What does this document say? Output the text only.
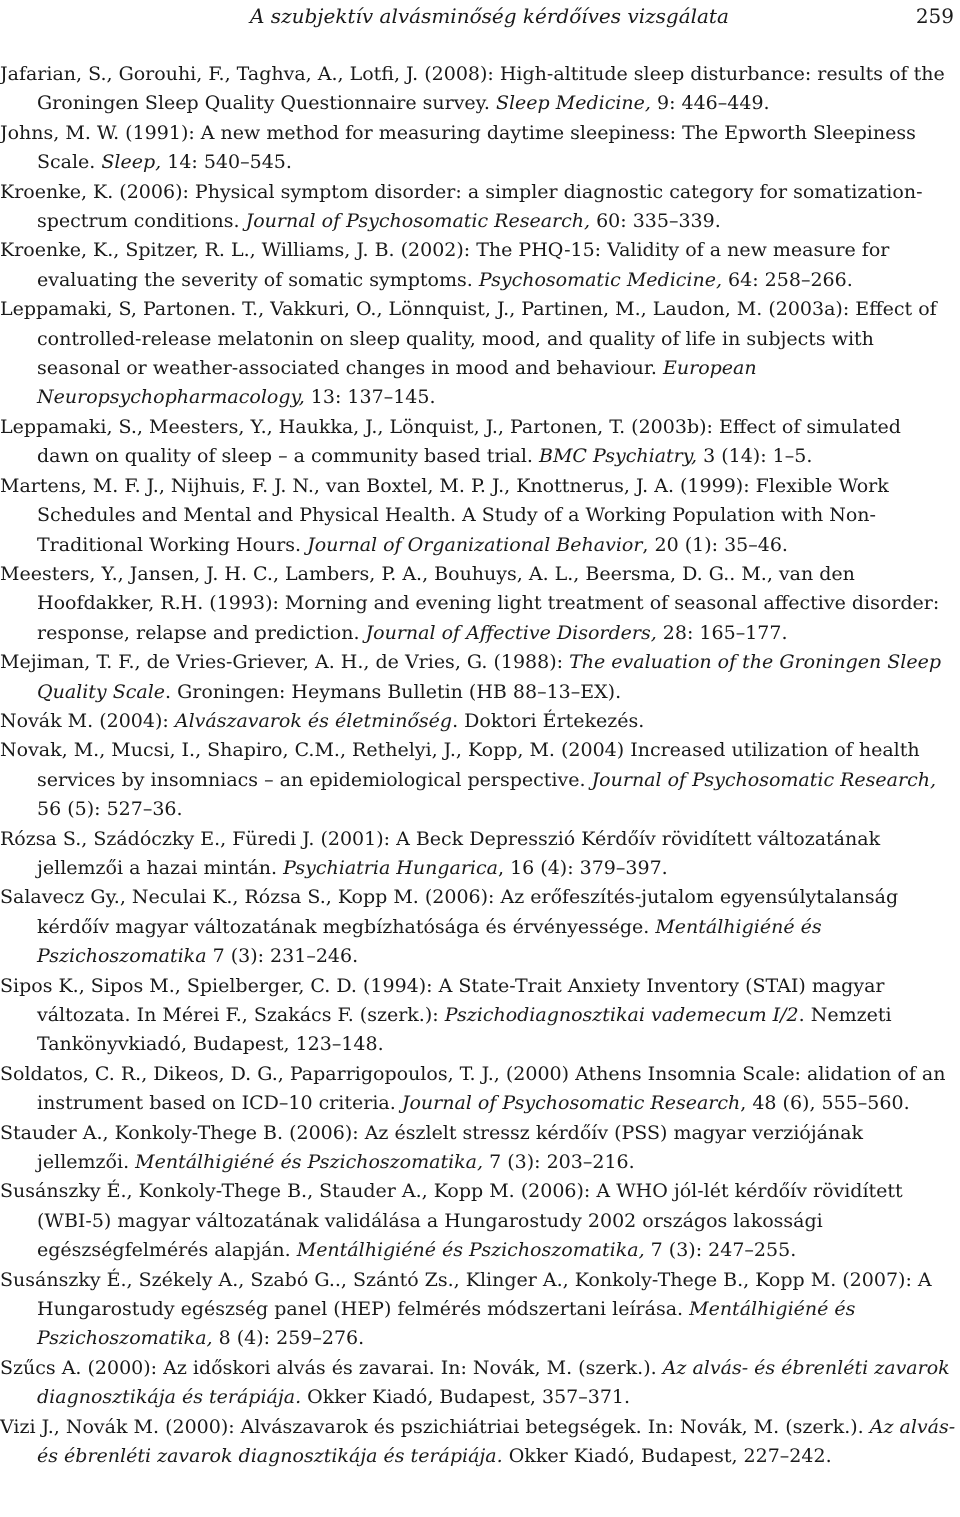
A szubjektív alvásminőség kérdőíves vizsgálata	259

Jafarian, S., Gorouhi, F., Taghva, A., Lotfi, J. (2008): High-altitude sleep disturbance: results of the Groningen Sleep Quality Questionnaire survey. Sleep Medicine, 9: 446–449.

Johns, M. W. (1991): A new method for measuring daytime sleepiness: The Epworth Sleepiness Scale. Sleep, 14: 540–545.

Kroenke, K. (2006): Physical symptom disorder: a simpler diagnostic category for somatization-spectrum conditions. Journal of Psychosomatic Research, 60: 335–339.

Kroenke, K., Spitzer, R. L., Williams, J. B. (2002): The PHQ-15: Validity of a new measure for evaluating the severity of somatic symptoms. Psychosomatic Medicine, 64: 258–266.

Leppamaki, S, Partonen. T., Vakkuri, O., Lönnquist, J., Partinen, M., Laudon, M. (2003a): Effect of controlled-release melatonin on sleep quality, mood, and quality of life in subjects with seasonal or weather-associated changes in mood and behaviour. European Neuropsychopharmacology, 13: 137–145.

Leppamaki, S., Meesters, Y., Haukka, J., Lönquist, J., Partonen, T. (2003b): Effect of simulated dawn on quality of sleep – a community based trial. BMC Psychiatry, 3 (14): 1–5.

Martens, M. F. J., Nijhuis, F. J. N., van Boxtel, M. P. J., Knottnerus, J. A. (1999): Flexible Work Schedules and Mental and Physical Health. A Study of a Working Population with Non-Traditional Working Hours. Journal of Organizational Behavior, 20 (1): 35–46.

Meesters, Y., Jansen, J. H. C., Lambers, P. A., Bouhuys, A. L., Beersma, D. G.. M., van den Hoofdakker, R.H. (1993): Morning and evening light treatment of seasonal affective disorder: response, relapse and prediction. Journal of Affective Disorders, 28: 165–177.

Mejiman, T. F., de Vries-Griever, A. H., de Vries, G. (1988): The evaluation of the Groningen Sleep Quality Scale. Groningen: Heymans Bulletin (HB 88–13–EX).

Novák M. (2004): Alvászavarok és életminőség. Doktori Értekezés.

Novak, M., Mucsi, I., Shapiro, C.M., Rethelyi, J., Kopp, M. (2004) Increased utilization of health services by insomniacs – an epidemiological perspective. Journal of Psychosomatic Research, 56 (5): 527–36.

Rózsa S., Szádóczky E., Füredi J. (2001): A Beck Depresszió Kérdőív rövidített változatának jellemzői a hazai mintán. Psychiatria Hungarica, 16 (4): 379–397.

Salavecz Gy., Neculai K., Rózsa S., Kopp M. (2006): Az erőfeszítés-jutalom egyensúlytalanság kérdőív magyar változatának megbízhatósága és érvényessége. Mentálhigiéné és Pszichoszomatika 7 (3): 231–246.

Sipos K., Sipos M., Spielberger, C. D. (1994): A State-Trait Anxiety Inventory (STAI) magyar változata. In Mérei F., Szakács F. (szerk.): Pszichodiagnosztikai vademecum I/2. Nemzeti Tankönyvkiadó, Budapest, 123–148.

Soldatos, C. R., Dikeos, D. G., Paparrigopoulos, T. J., (2000) Athens Insomnia Scale: alidation of an instrument based on ICD–10 criteria. Journal of Psychosomatic Research, 48 (6), 555–560.

Stauder A., Konkoly-Thege B. (2006): Az észlelt stressz kérdőív (PSS) magyar verziójának jellemzői. Mentálhigiéné és Pszichoszomatika, 7 (3): 203–216.

Susánszky É., Konkoly-Thege B., Stauder A., Kopp M. (2006): A WHO jól-lét kérdőív rövidített (WBI-5) magyar változatának validálása a Hungarostudy 2002 országos lakossági egészségfelmérés alapján. Mentálhigiéné és Pszichoszomatika, 7 (3): 247–255.

Susánszky É., Székely A., Szabó G.., Szántó Zs., Klinger A., Konkoly-Thege B., Kopp M. (2007): A Hungarostudy egészség panel (HEP) felmérés módszertani leírása. Mentálhigiéné és Pszichoszomatika, 8 (4): 259–276.

Szűcs A. (2000): Az időskori alvás és zavarai. In: Novák, M. (szerk.). Az alvás- és ébrenléti zavarok diagnosztikája és terápiája. Okker Kiadó, Budapest, 357–371.

Vizi J., Novák M. (2000): Alvászavarok és pszichiátriai betegségek. In: Novák, M. (szerk.). Az alvás- és ébrenléti zavarok diagnosztikája és terápiája. Okker Kiadó, Budapest, 227–242.
